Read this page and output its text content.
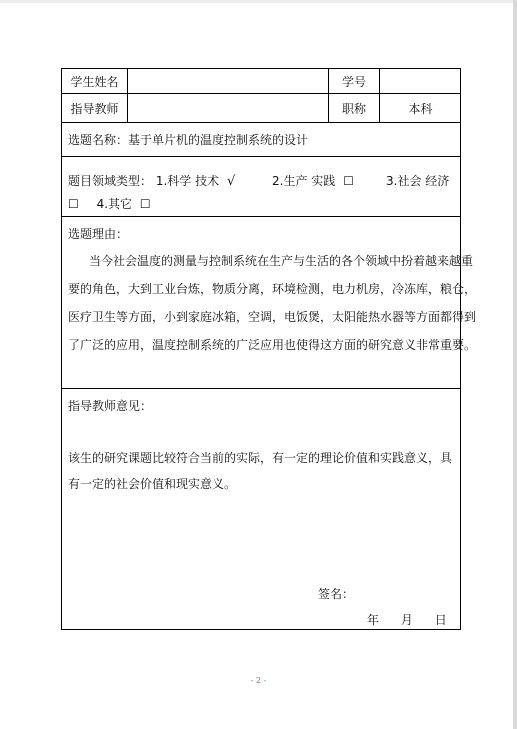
学生姓名	学号
指导教师	职称	本科
选题名称： 基于单片机的温度控制系统的设计
题目领域类型： 1.科学 技术 √	2.生产 实践 ☐	3.社会 经济
☐ 4.其它 ☐
选题理由：
当今社会温度的测量与控制系统在生产与生活的各个领域中扮着越来越重
要的角色，大到工业台炼，物质分离，环境检测，电力机房，冷冻库，粮仓，
医疗卫生等方面，小到家庭冰箱，空调，电饭煲，太阳能热水器等方面都得到
了广泛的应用，温度控制系统的广泛应用也使得这方面的研究意义非常重要。
指导教师意见：
该生的研究课题比较符合当前的实际，有一定的理论价值和实践意义，具
有一定的社会价值和现实意义。
签名：
年 月 日
- 2 -
